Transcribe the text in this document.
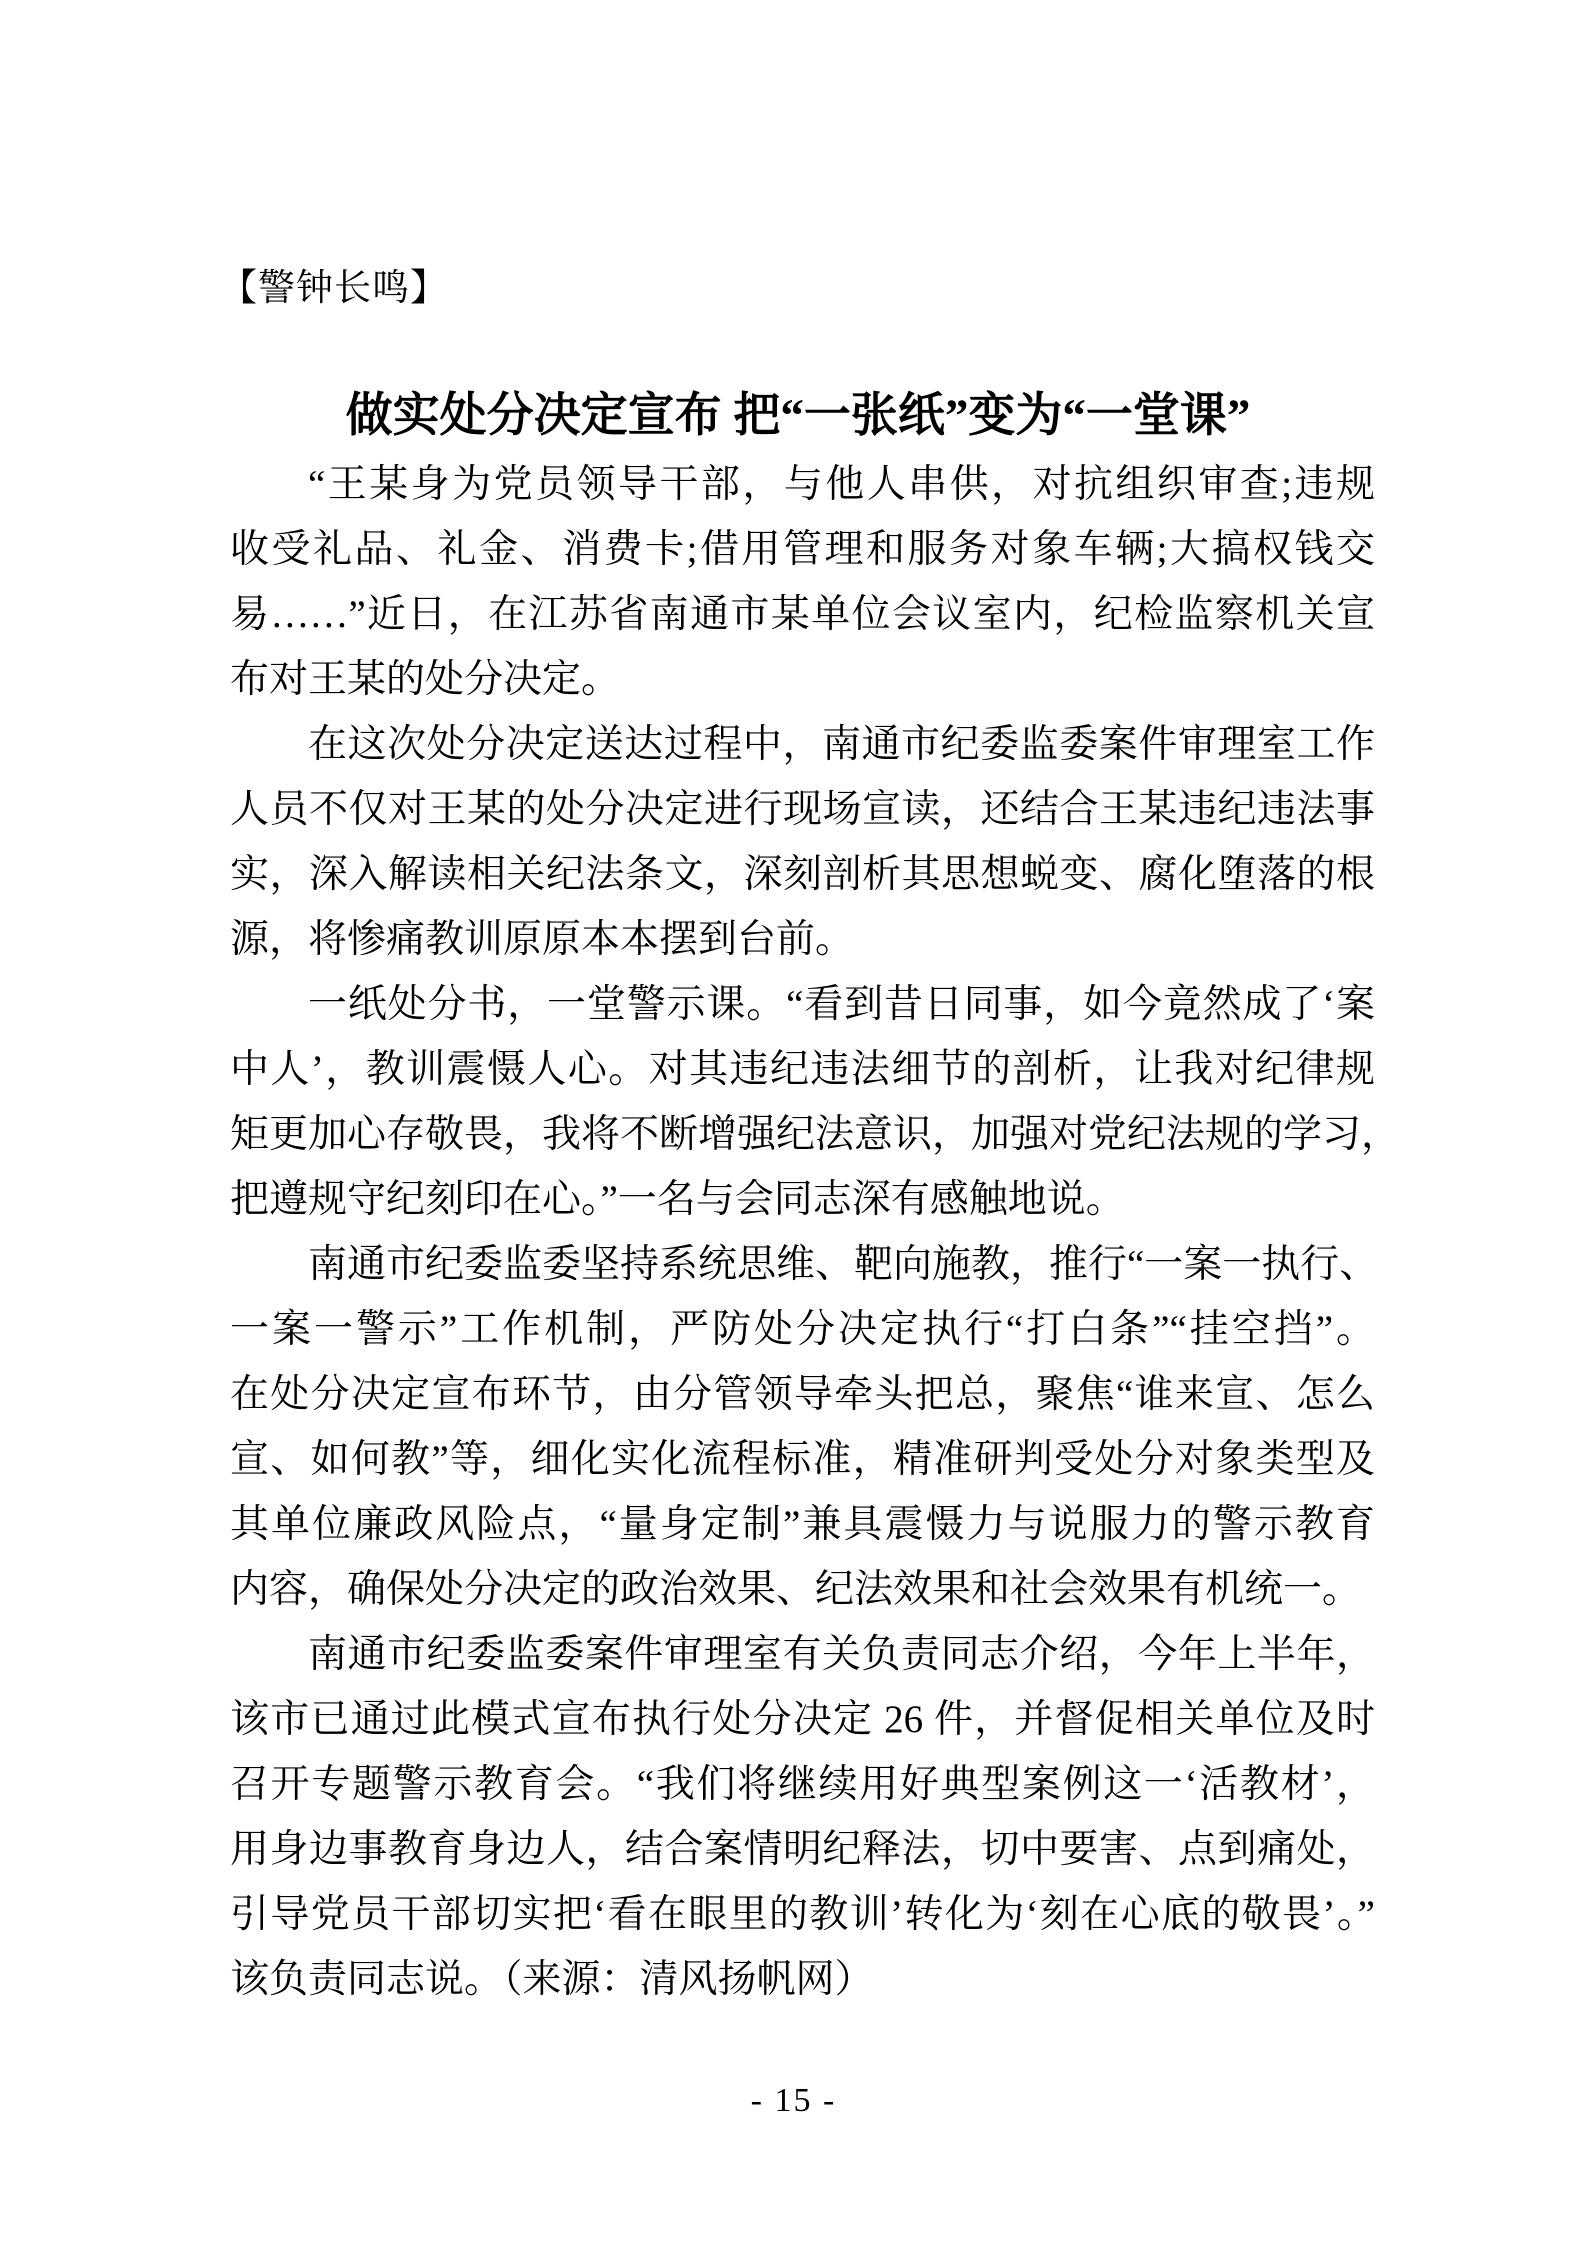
【警钟长鸣】
做实处分决定宣布 把“一张纸”变为“一堂课”
“王某身为党员领导干部，与他人串供，对抗组织审查;违规
收受礼品、礼金、消费卡;借用管理和服务对象车辆;大搞权钱交
易……”近日，在江苏省南通市某单位会议室内，纪检监察机关宣
布对王某的处分决定。
在这次处分决定送达过程中，南通市纪委监委案件审理室工作
人员不仅对王某的处分决定进行现场宣读，还结合王某违纪违法事
实，深入解读相关纪法条文，深刻剖析其思想蜕变、腐化堕落的根
源，将惨痛教训原原本本摆到台前。
一纸处分书，一堂警示课。“看到昔日同事，如今竟然成了‘案
中人’，教训震慑人心。对其违纪违法细节的剖析，让我对纪律规
矩更加心存敬畏，我将不断增强纪法意识，加强对党纪法规的学习，
把遵规守纪刻印在心。”一名与会同志深有感触地说。
南通市纪委监委坚持系统思维、靶向施教，推行“一案一执行、
一案一警示”工作机制，严防处分决定执行“打白条”“挂空挡”。
在处分决定宣布环节，由分管领导牵头把总，聚焦“谁来宣、怎么
宣、如何教”等，细化实化流程标准，精准研判受处分对象类型及
其单位廉政风险点，“量身定制”兼具震慑力与说服力的警示教育
内容，确保处分决定的政治效果、纪法效果和社会效果有机统一。
南通市纪委监委案件审理室有关负责同志介绍，今年上半年，
该市已通过此模式宣布执行处分决定 26 件，并督促相关单位及时
召开专题警示教育会。“我们将继续用好典型案例这一‘活教材’，
用身边事教育身边人，结合案情明纪释法，切中要害、点到痛处，
引导党员干部切实把‘看在眼里的教训’转化为‘刻在心底的敬畏’。”
该负责同志说。（来源：清风扬帆网）
- 15 -
